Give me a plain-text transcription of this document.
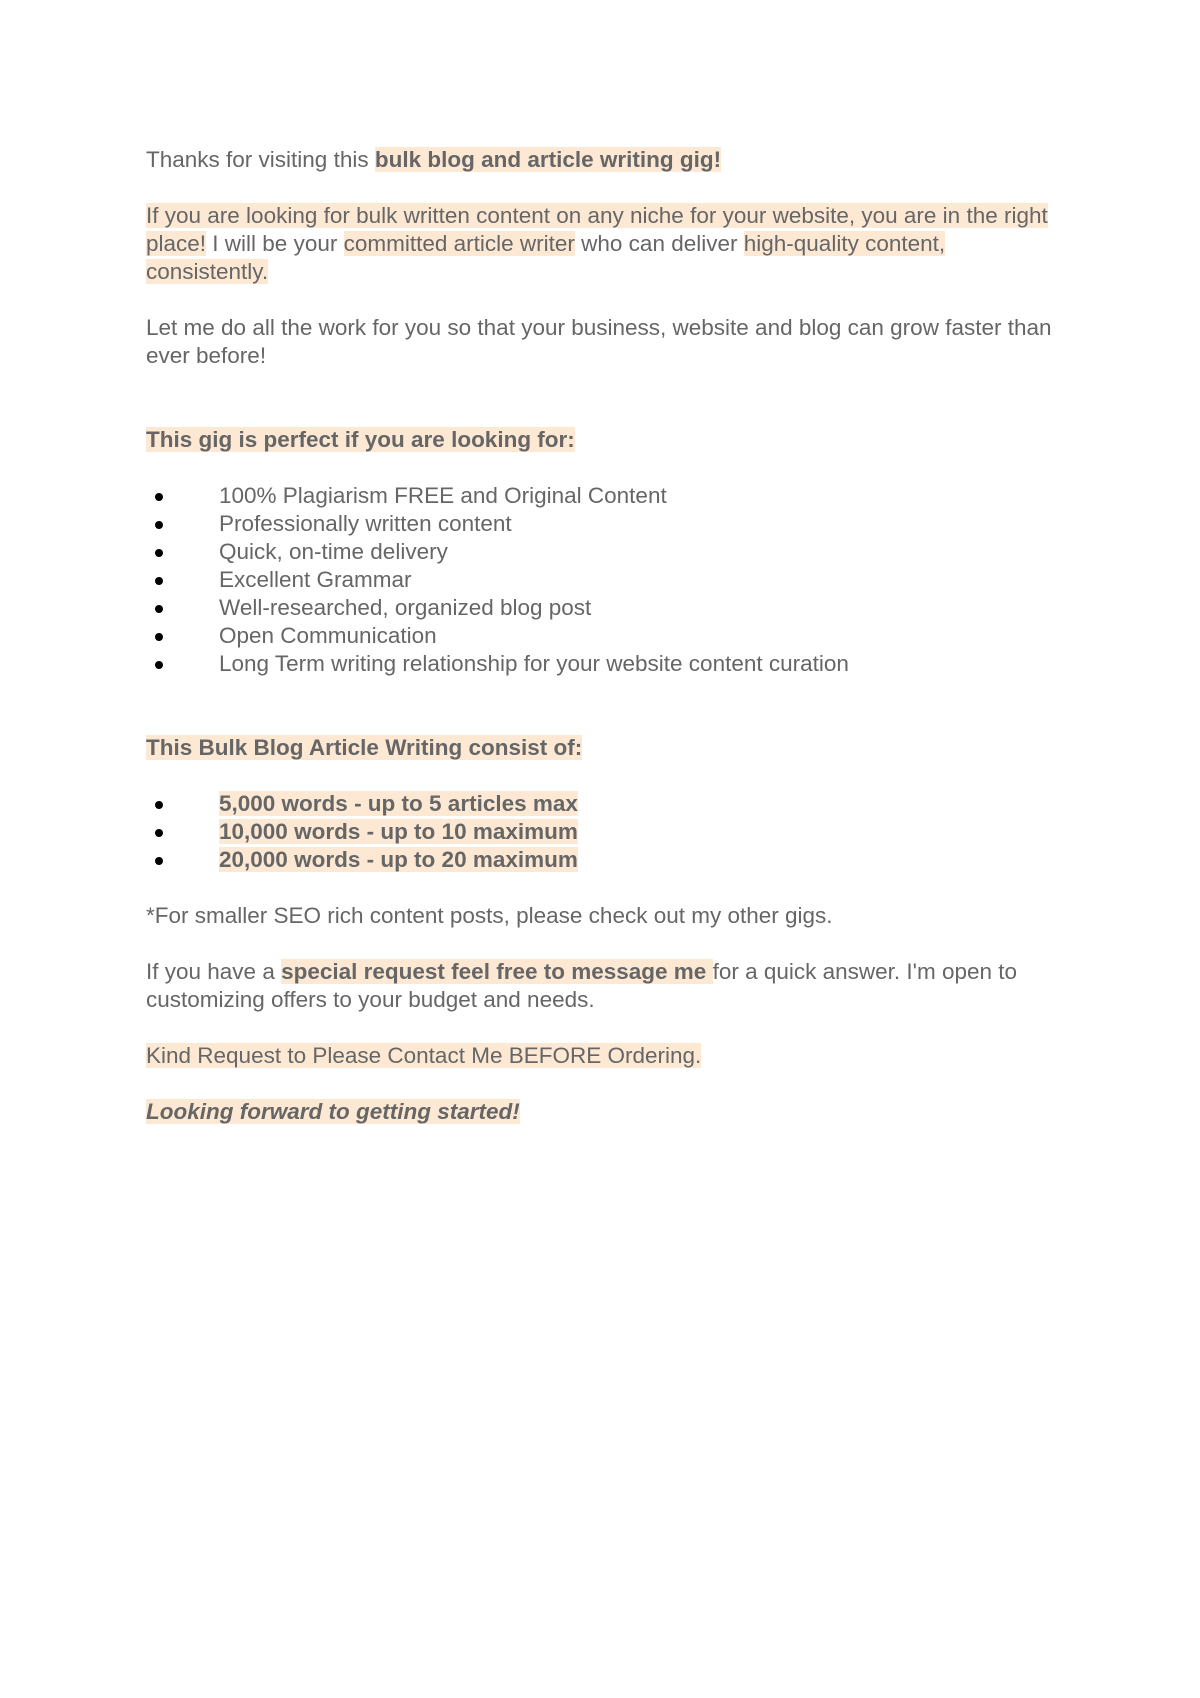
Thanks for visiting this bulk blog and article writing gig!

If you are looking for bulk written content on any niche for your website, you are in the right place! I will be your committed article writer who can deliver high-quality content, consistently.

Let me do all the work for you so that your business, website and blog can grow faster than ever before!

This gig is perfect if you are looking for:

100% Plagiarism FREE and Original Content
Professionally written content
Quick, on-time delivery
Excellent Grammar
Well-researched, organized blog post
Open Communication
Long Term writing relationship for your website content curation

This Bulk Blog Article Writing consist of:

5,000 words - up to 5 articles max
10,000 words - up to 10 maximum
20,000 words - up to 20 maximum

*For smaller SEO rich content posts, please check out my other gigs.

If you have a special request feel free to message me for a quick answer. I'm open to customizing offers to your budget and needs.

Kind Request to Please Contact Me BEFORE Ordering.

Looking forward to getting started!
